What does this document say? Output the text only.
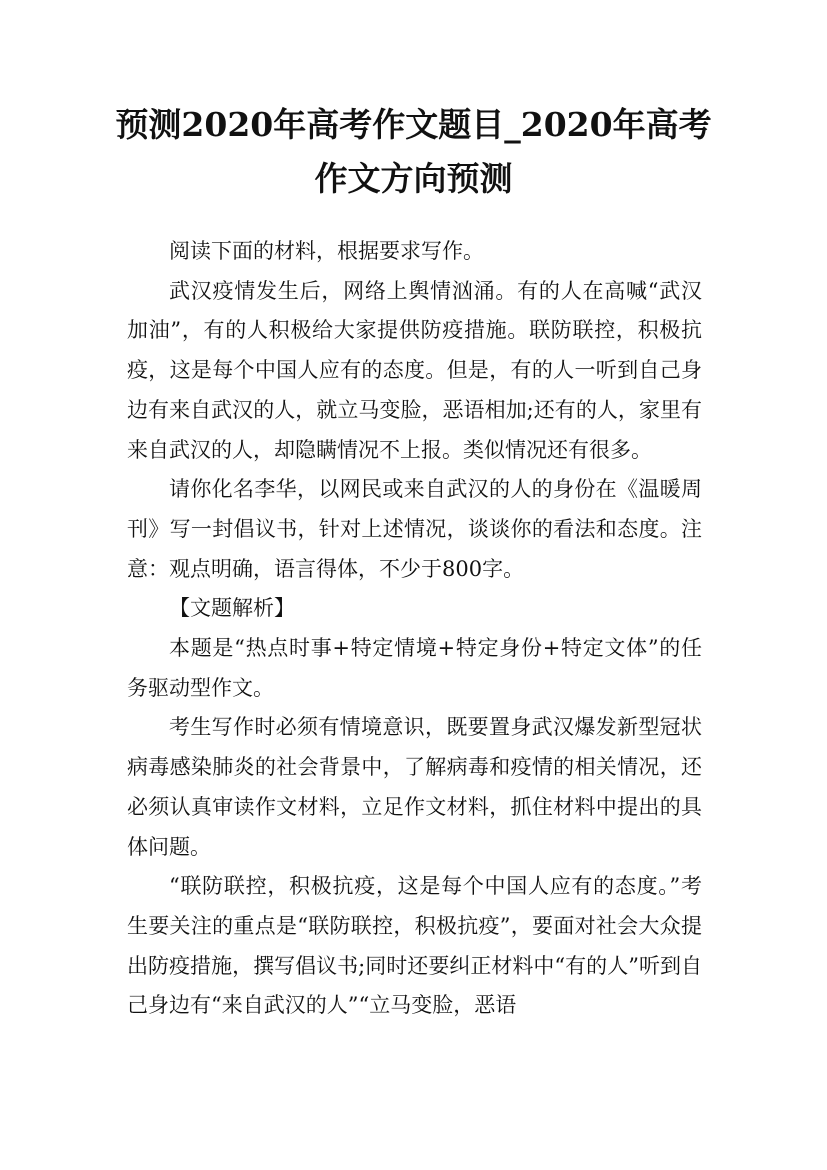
预测2020年高考作文题目_2020年高考作文方向预测

阅读下面的材料，根据要求写作。

武汉疫情发生后，网络上舆情汹涌。有的人在高喊“武汉加油”，有的人积极给大家提供防疫措施。联防联控，积极抗疫，这是每个中国人应有的态度。但是，有的人一听到自己身边有来自武汉的人，就立马变脸，恶语相加;还有的人，家里有来自武汉的人，却隐瞒情况不上报。类似情况还有很多。

请你化名李华，以网民或来自武汉的人的身份在《温暖周刊》写一封倡议书，针对上述情况，谈谈你的看法和态度。注意：观点明确，语言得体，不少于800字。

【文题解析】

本题是“热点时事+特定情境+特定身份+特定文体”的任务驱动型作文。

考生写作时必须有情境意识，既要置身武汉爆发新型冠状病毒感染肺炎的社会背景中，了解病毒和疫情的相关情况，还必须认真审读作文材料，立足作文材料，抓住材料中提出的具体问题。

“联防联控，积极抗疫，这是每个中国人应有的态度。”考生要关注的重点是“联防联控，积极抗疫”，要面对社会大众提出防疫措施，撰写倡议书;同时还要纠正材料中“有的人”听到自己身边有“来自武汉的人”“立马变脸，恶语
